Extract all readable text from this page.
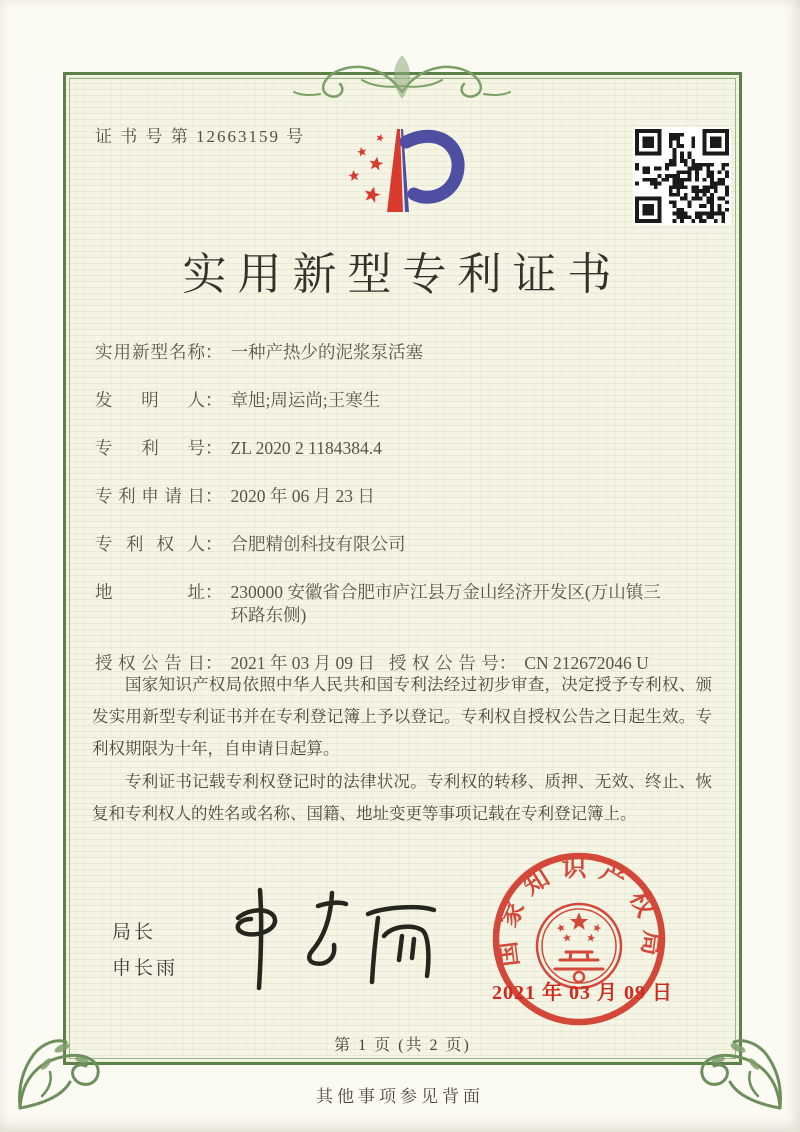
证 书 号 第 12663159 号
实用新型专利证书
实用新型名称 ： 一种产热少的泥浆泵活塞
发明人 ： 章旭;周运尚;王寒生
专利号 ： ZL 2020 2 1184384.4
专利申请日 ： 2020 年 06 月 23 日
专利权人 ： 合肥精创科技有限公司
地址 ： 230000 安徽省合肥市庐江县万金山经济开发区(万山镇三环路东侧)
授权公告日 ： 2021 年 03 月 09 日 授权公告号 ： CN 212672046 U

国家知识产权局依照中华人民共和国专利法经过初步审查，决定授予专利权、颁发实用新型专利证书并在专利登记簿上予以登记。专利权自授权公告之日起生效。专利权期限为十年，自申请日起算。

专利证书记载专利权登记时的法律状况。专利权的转移、质押、无效、终止、恢复和专利权人的姓名或名称、国籍、地址变更等事项记载在专利登记簿上。

局长
申长雨
国家知识产权局
2021 年 03 月 09 日
第 1 页 (共 2 页)
其他事项参见背面
